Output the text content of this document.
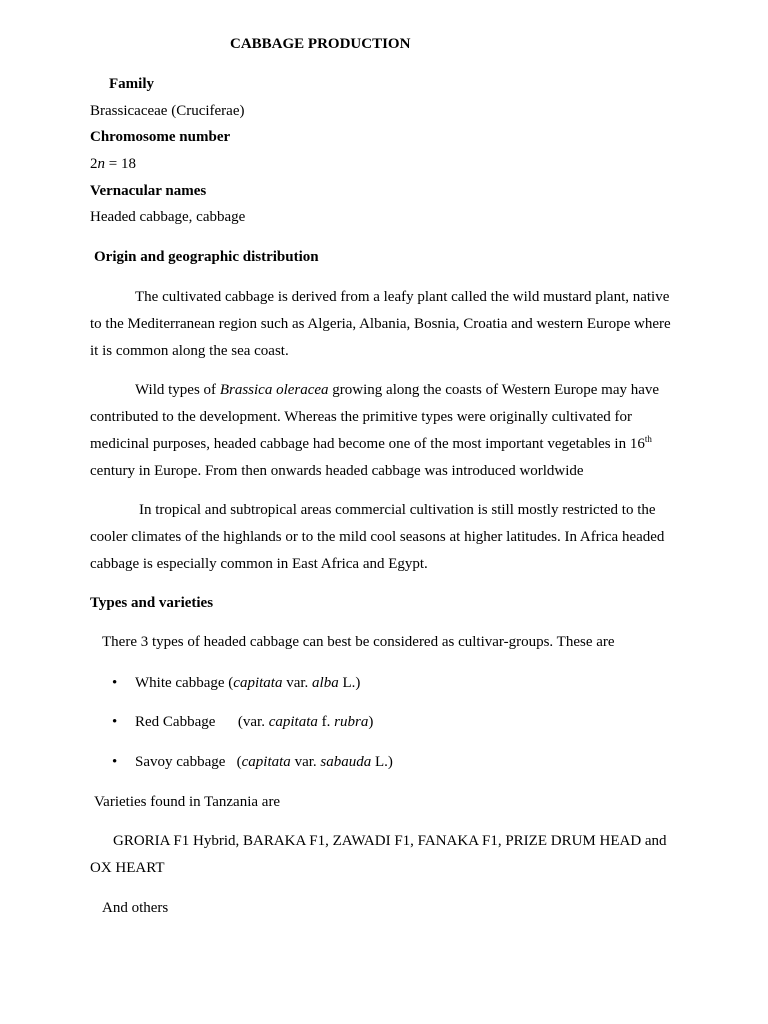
CABBAGE PRODUCTION
Family
Brassicaceae (Cruciferae)
Chromosome number
2n = 18
Vernacular names
Headed cabbage, cabbage
Origin and geographic distribution
The cultivated cabbage is derived from a leafy plant called the wild mustard plant, native
to the Mediterranean region such as Algeria, Albania, Bosnia, Croatia and western Europe where
it is common along the sea coast.
Wild types of Brassica oleracea growing along the coasts of Western Europe may have
contributed to the development. Whereas the primitive types were originally cultivated for
medicinal purposes, headed cabbage had become one of the most important vegetables in 16th
century in Europe. From then onwards headed cabbage was introduced worldwide
In tropical and subtropical areas commercial cultivation is still mostly restricted to the
cooler climates of the highlands or to the mild cool seasons at higher latitudes. In Africa headed
cabbage is especially common in East Africa and Egypt.
Types and varieties
There 3 types of headed cabbage can best be considered as cultivar-groups. These are
• White cabbage (capitata var. alba L.)
• Red Cabbage      (var. capitata f. rubra)
• Savoy cabbage   (capitata var. sabauda L.)
Varieties found in Tanzania are
GRORIA F1 Hybrid, BARAKA F1, ZAWADI F1, FANAKA F1, PRIZE DRUM HEAD and
OX HEART
And others
